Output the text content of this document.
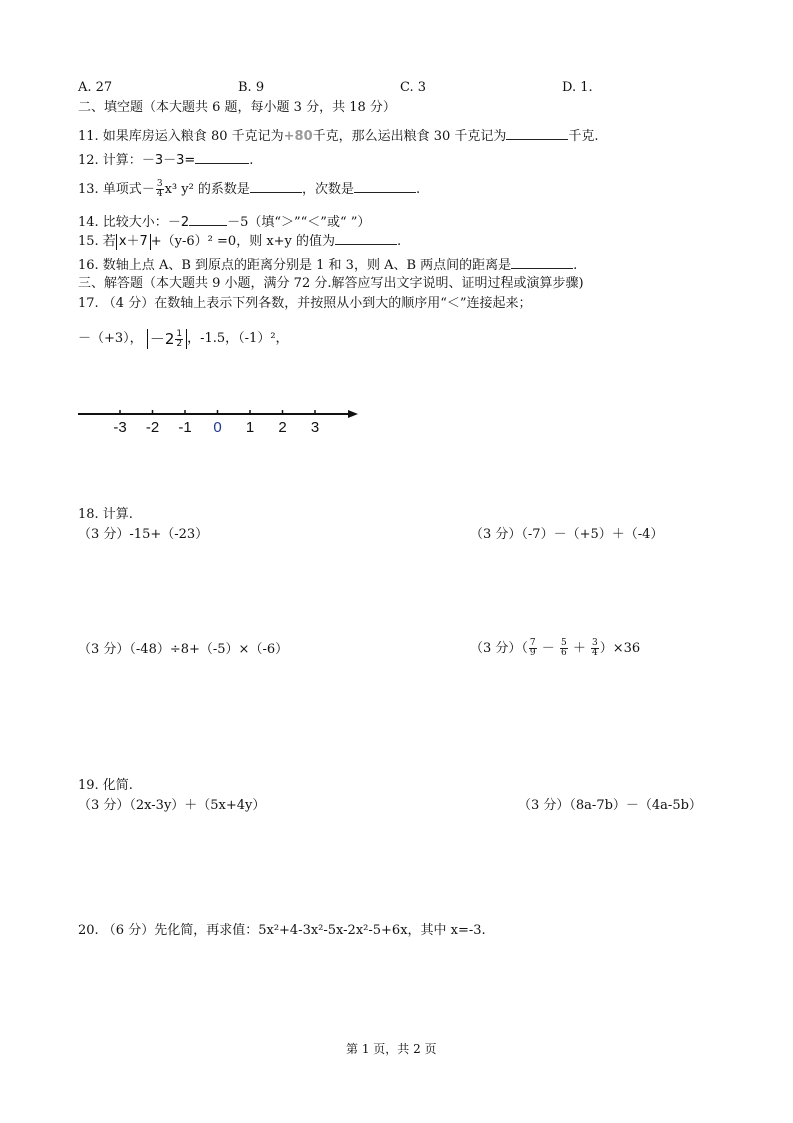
A. 27	B. 9	C. 3	D. 1.
二、填空题（本大题共 6 题，每小题 3 分，共 18 分）
11. 如果库房运入粮食 80 千克记为+80千克，那么运出粮食 30 千克记为	千克.
12. 计算：－3－3=	.
13. 单项式－ $\frac{3}{4} x^3$ y² 的系数是	，次数是	.
14. 比较大小：－2	－5（填“＞”“＜”或“ ”）
15. 若 x＋7 +（y-6）² =0，则 x+y 的值为	.
16. 数轴上点 A、B 到原点的距离分别是 1 和 3，则 A、B 两点间的距离是	.
三、解答题（本大题共 9 小题，满分 72 分.解答应写出文字说明、证明过程或演算步骤)
17. （4 分）在数轴上表示下列各数，并按照从小到大的顺序用“＜”连接起来；
－（+3）， $-2 \frac{1}{2}$ ，-1.5，（-1）²，
-3 -2 -1 0 1 2 3
18. 计算.
（3 分）-15+（-23）	（3 分）（-7）－（+5）＋（-4）
（3 分）（-48）÷8+（-5）×（-6）	（3 分）（ $\frac{7}{9} - \frac{5}{6} + \frac{3}{4} )\times 36$
19. 化简.
（3 分）（2x-3y）＋（5x+4y）	（3 分）（8a-7b）－（4a-5b）
20. （6 分）先化简，再求值：5x²+4-3x²-5x-2x²-5+6x，其中 x=-3.
第 1 页，共 2 页
